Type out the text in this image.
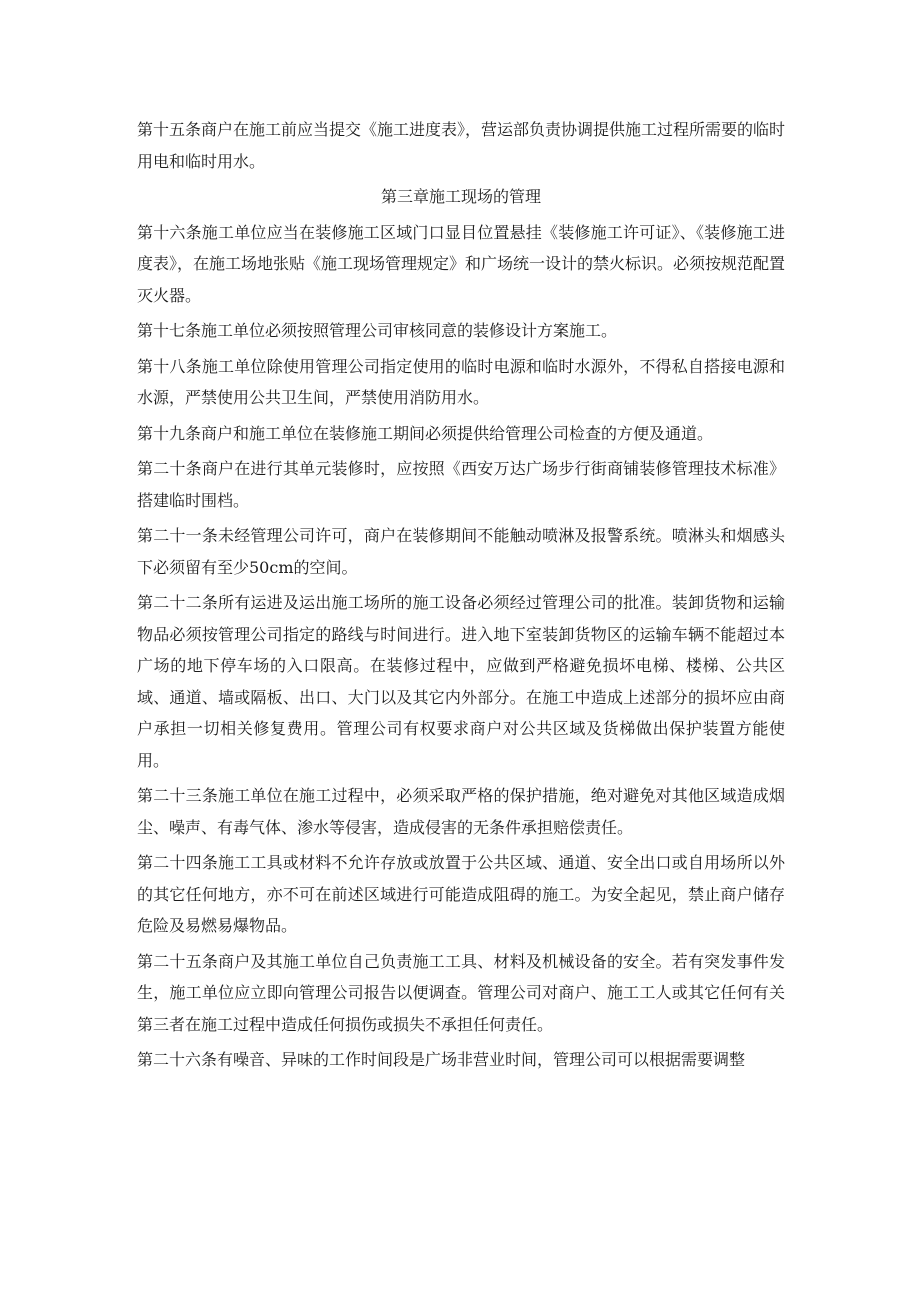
第十五条商户在施工前应当提交《施工进度表》，营运部负责协调提供施工过程所需要的临时用电和临时用水。

第三章施工现场的管理

第十六条施工单位应当在装修施工区域门口显目位置悬挂《装修施工许可证》、《装修施工进度表》，在施工场地张贴《施工现场管理规定》和广场统一设计的禁火标识。必须按规范配置灭火器。

第十七条施工单位必须按照管理公司审核同意的装修设计方案施工。

第十八条施工单位除使用管理公司指定使用的临时电源和临时水源外，不得私自搭接电源和水源，严禁使用公共卫生间，严禁使用消防用水。

第十九条商户和施工单位在装修施工期间必须提供给管理公司检查的方便及通道。

第二十条商户在进行其单元装修时，应按照《西安万达广场步行街商铺装修管理技术标准》搭建临时围档。

第二十一条未经管理公司许可，商户在装修期间不能触动喷淋及报警系统。喷淋头和烟感头下必须留有至少50cm的空间。

第二十二条所有运进及运出施工场所的施工设备必须经过管理公司的批准。装卸货物和运输物品必须按管理公司指定的路线与时间进行。进入地下室装卸货物区的运输车辆不能超过本广场的地下停车场的入口限高。在装修过程中，应做到严格避免损坏电梯、楼梯、公共区域、通道、墙或隔板、出口、大门以及其它内外部分。在施工中造成上述部分的损坏应由商户承担一切相关修复费用。管理公司有权要求商户对公共区域及货梯做出保护装置方能使用。

第二十三条施工单位在施工过程中，必须采取严格的保护措施，绝对避免对其他区域造成烟尘、噪声、有毒气体、渗水等侵害，造成侵害的无条件承担赔偿责任。

第二十四条施工工具或材料不允许存放或放置于公共区域、通道、安全出口或自用场所以外的其它任何地方，亦不可在前述区域进行可能造成阻碍的施工。为安全起见，禁止商户储存危险及易燃易爆物品。

第二十五条商户及其施工单位自己负责施工工具、材料及机械设备的安全。若有突发事件发生，施工单位应立即向管理公司报告以便调查。管理公司对商户、施工工人或其它任何有关第三者在施工过程中造成任何损伤或损失不承担任何责任。

第二十六条有噪音、异味的工作时间段是广场非营业时间，管理公司可以根据需要调整
